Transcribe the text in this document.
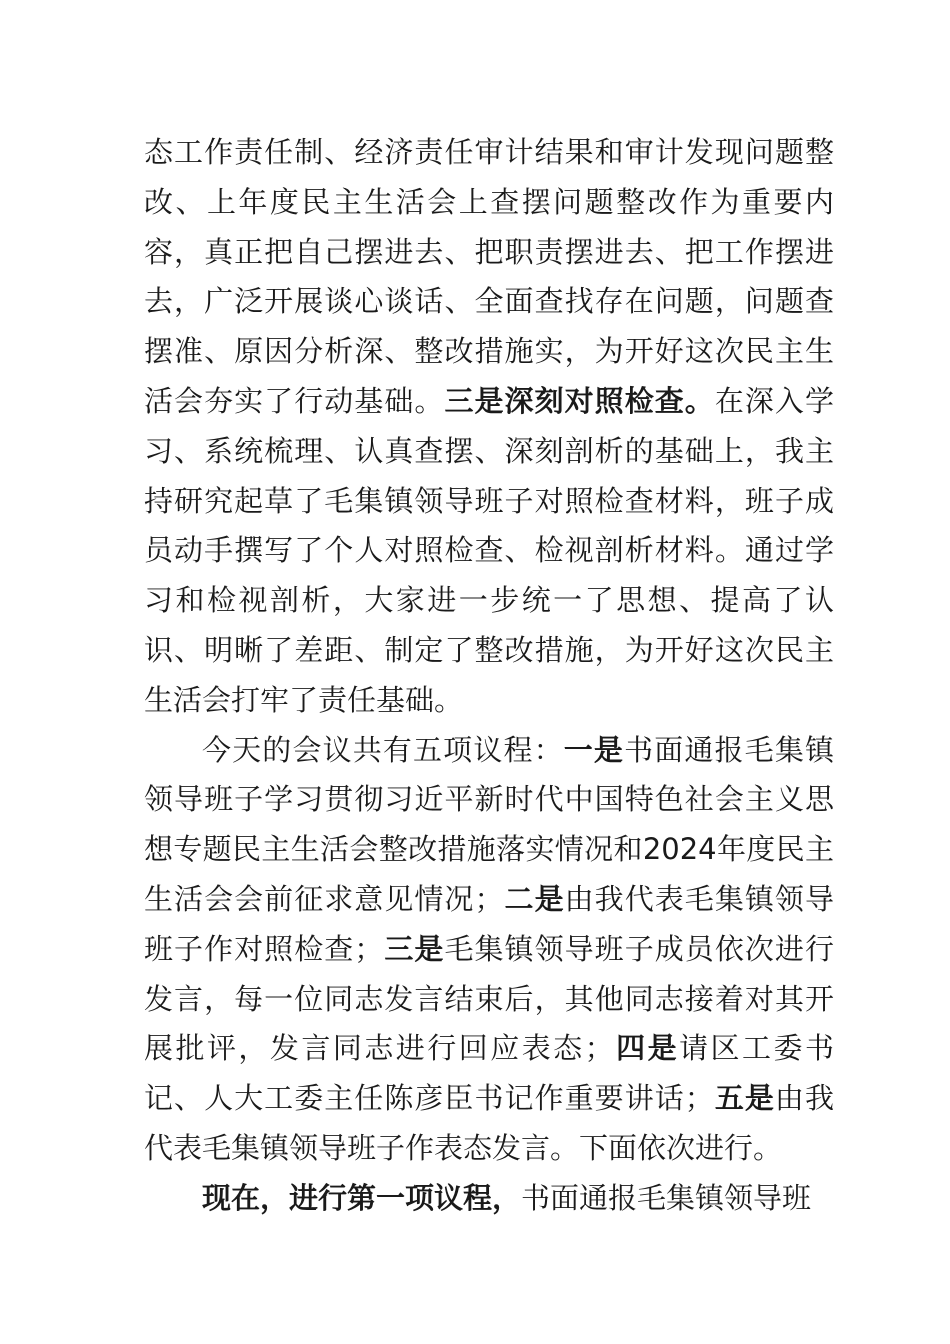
态工作责任制、经济责任审计结果和审计发现问题整改、上年度民主生活会上查摆问题整改作为重要内容，真正把自己摆进去、把职责摆进去、把工作摆进去，广泛开展谈心谈话、全面查找存在问题，问题查摆准、原因分析深、整改措施实，为开好这次民主生活会夯实了行动基础。三是深刻对照检查。在深入学习、系统梳理、认真查摆、深刻剖析的基础上，我主持研究起草了毛集镇领导班子对照检查材料，班子成员动手撰写了个人对照检查、检视剖析材料。通过学习和检视剖析，大家进一步统一了思想、提高了认识、明晰了差距、制定了整改措施，为开好这次民主生活会打牢了责任基础。

今天的会议共有五项议程：一是书面通报毛集镇领导班子学习贯彻习近平新时代中国特色社会主义思想专题民主生活会整改措施落实情况和2024年度民主生活会会前征求意见情况；二是由我代表毛集镇领导班子作对照检查；三是毛集镇领导班子成员依次进行发言，每一位同志发言结束后，其他同志接着对其开展批评，发言同志进行回应表态；四是请区工委书记、人大工委主任陈彦臣书记作重要讲话；五是由我代表毛集镇领导班子作表态发言。下面依次进行。

现在，进行第一项议程，书面通报毛集镇领导班
